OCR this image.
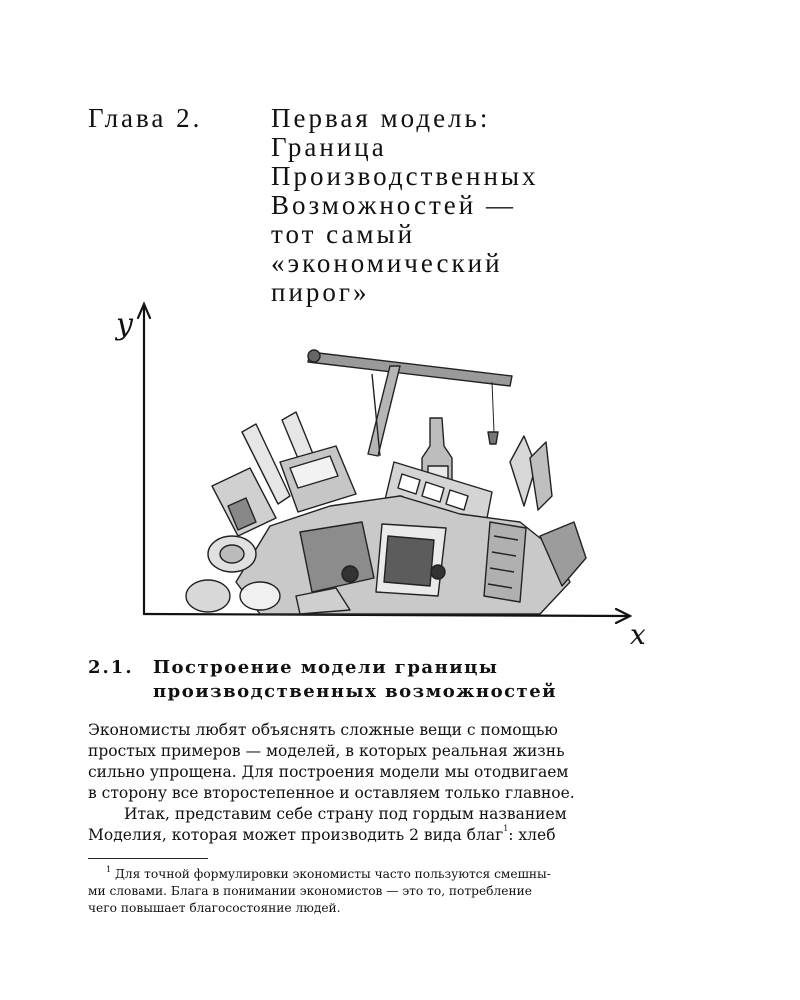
Глава 2.	Первая модель:
Граница
Производственных
Возможностей —
тот самый
«экономический
пирог»
y
x
2.1. Построение модели границы
производственных возможностей
Экономисты любят объяснять сложные вещи с помощью
простых примеров — моделей, в которых реальная жизнь
сильно упрощена. Для построения модели мы отодвигаем
в сторону все второстепенное и оставляем только главное.
Итак, представим себе страну под гордым названием
Моделия, которая может производить 2 вида благ$^1$: хлеб
$^1$ Для точной формулировки экономисты часто пользуются смешны-
ми словами. Блага в понимании экономистов — это то, потребление
чего повышает благосостояние людей.
